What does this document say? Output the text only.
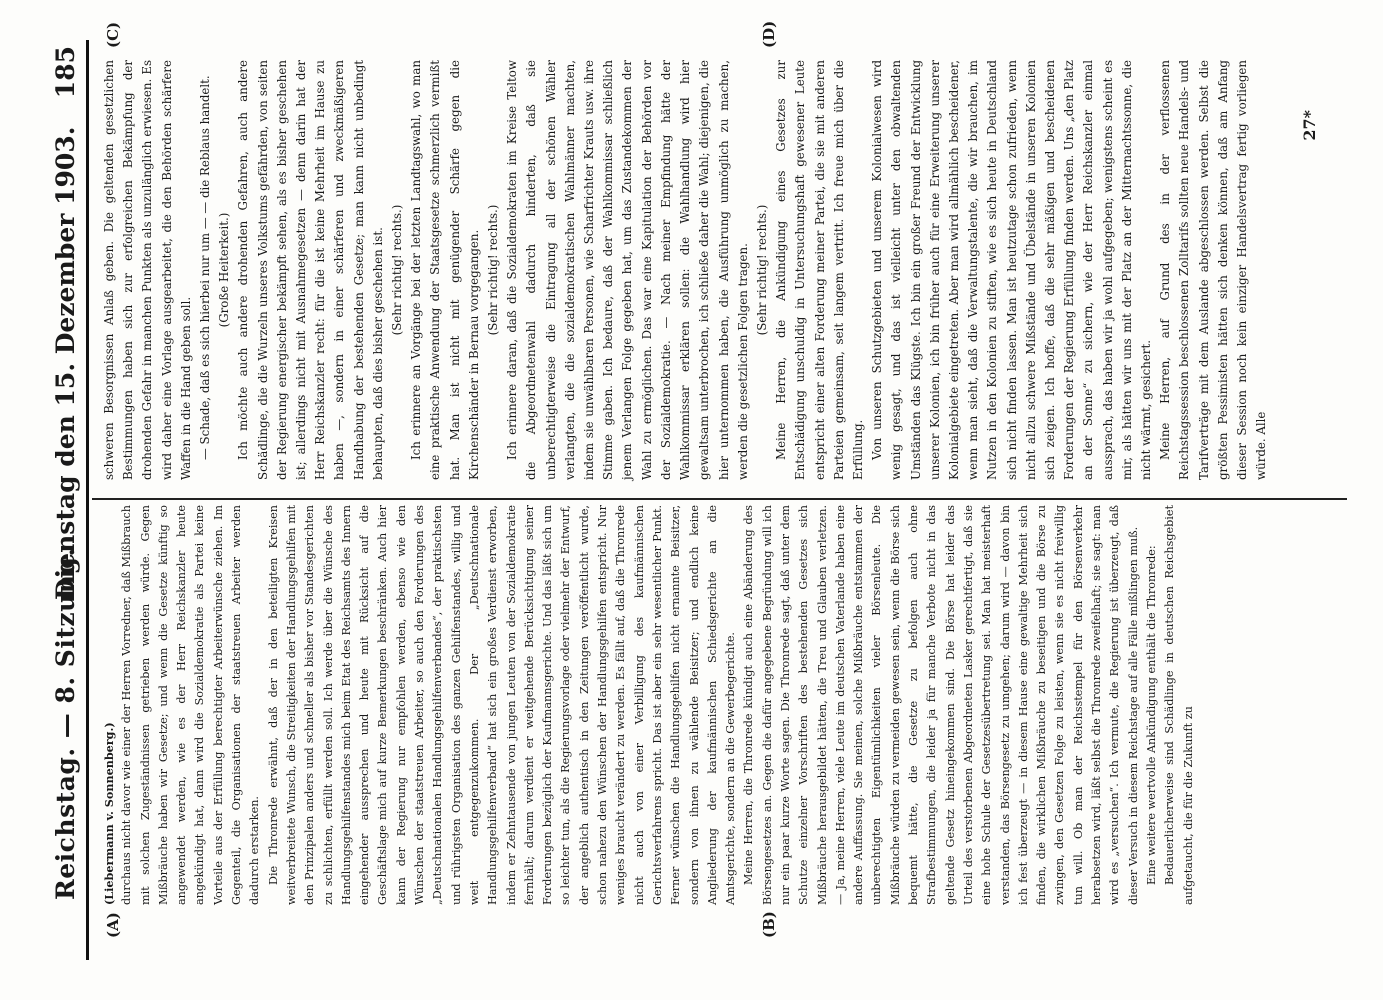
Reichstag. — 8. Sitzung.
Dienstag den 15. Dezember 1903.
185
(A)	(B)
(C)	(D)

(Liebermann v. Sonnenberg.) durchaus nicht davor wie einer der Herren Vorredner, daß Mißbrauch mit solchen Zugeständnissen getrieben werden würde. Gegen Mißbräuche haben wir Gesetze; und wenn die Gesetze künftig so angewendet werden, wie es der Herr Reichskanzler heute angekündigt hat, dann wird die Sozialdemokratie als Partei keine Vorteile aus der Erfüllung berechtigter Arbeiterwünsche ziehen. Im Gegenteil, die Organisationen der staatstreuen Arbeiter werden dadurch erstarken. Die Thronrede erwähnt, daß der in den beteiligten Kreisen weitverbreitete Wunsch, die Streitigkeiten der Handlungsgehilfen mit den Prinzipalen anders und schneller als bisher vor Standesgerichten zu schlichten, erfüllt werden soll. Ich werde über die Wünsche des Handlungsgehilfenstandes mich beim Etat des Reichsamts des Innern eingehender aussprechen und heute mit Rücksicht auf die Geschäftslage mich auf kurze Bemerkungen beschränken. Auch hier kann der Regierung nur empfohlen werden, ebenso wie den Wünschen der staatstreuen Arbeiter, so auch den Forderungen des „Deutschnationalen Handlungsgehilfenverbandes“, der praktischsten und rührigsten Organisation des ganzen Gehilfenstandes, willig und weit entgegenzukommen. Der „Deutschnationale Handlungsgehilfenverband“ hat sich ein großes Verdienst erworben, indem er Zehntausende von jungen Leuten von der Sozialdemokratie fernhält; darum verdient er weitgehende Berücksichtigung seiner Forderungen bezüglich der Kaufmannsgerichte. Und das läßt sich um so leichter tun, als die Regierungsvorlage oder vielmehr der Entwurf, der angeblich authentisch in den Zeitungen veröffentlicht wurde, schon nahezu den Wünschen der Handlungsgehilfen entspricht. Nur weniges braucht verändert zu werden. Es fällt auf, daß die Thronrede nicht auch von einer Verbilligung des kaufmännischen Gerichtsverfahrens spricht. Das ist aber ein sehr wesentlicher Punkt. Ferner wünschen die Handlungsgehilfen nicht ernannte Beisitzer, sondern von ihnen zu wählende Beisitzer; und endlich keine Angliederung der kaufmännischen Schiedsgerichte an die Amtsgerichte, sondern an die Gewerbegerichte. Meine Herren, die Thronrede kündigt auch eine Abänderung des Börsengesetzes an. Gegen die dafür angegebene Begründung will ich nur ein paar kurze Worte sagen. Die Thronrede sagt, daß unter dem Schutze einzelner Vorschriften des bestehenden Gesetzes sich Mißbräuche herausgebildet hätten, die Treu und Glauben verletzen. — Ja, meine Herren, viele Leute im deutschen Vaterlande haben eine andere Auffassung. Sie meinen, solche Mißbräuche entstammen der unberechtigten Eigentümlichkeiten vieler Börsenleute. Die Mißbräuche würden zu vermeiden gewesen sein, wenn die Börse sich bequemt hätte, die Gesetze zu befolgen auch ohne Strafbestimmungen, die leider ja für manche Verbote nicht in das geltende Gesetz hineingekommen sind. Die Börse hat leider das Urteil des verstorbenen Abgeordneten Lasker gerechtfertigt, daß sie eine hohe Schule der Gesetzesübertretung sei. Man hat meisterhaft verstanden, das Börsengesetz zu umgehen; darum wird — davon bin ich fest überzeugt — in diesem Hause eine gewaltige Mehrheit sich finden, die wirklichen Mißbräuche zu beseitigen und die Börse zu zwingen, den Gesetzen Folge zu leisten, wenn sie es nicht freiwillig tun will. Ob man der Reichsstempel für den Börsenverkehr herabsetzen wird, läßt selbst die Thronrede zweifelhaft; sie sagt: man wird es „versuchen“. Ich vermute, die Regierung ist überzeugt, daß dieser Versuch in diesem Reichstage auf alle Fälle mißlingen muß. Eine weitere wertvolle Ankündigung enthält die Thronrede: Bedauerlicherweise sind Schädlinge in deutschen Reichsgebiet aufgetaucht, die für die Zukunft zu

schweren Besorgnissen Anlaß geben. Die geltenden gesetzlichen Bestimmungen haben sich zur erfolgreichen Bekämpfung der drohenden Gefahr in manchen Punkten als unzulänglich erwiesen. Es wird daher eine Vorlage ausgearbeitet, die den Behörden schärfere Waffen in die Hand geben soll. — Schade, daß es sich hierbei nur um — — die Reblaus handelt. (Große Heiterkeit.) Ich möchte auch andere drohenden Gefahren, auch andere Schädlinge, die die Wurzeln unseres Volkstums gefährden, von seiten der Regierung energischer bekämpft sehen, als es bisher geschehen ist; allerdings nicht mit Ausnahmegesetzen — denn darin hat der Herr Reichskanzler recht: für die ist keine Mehrheit im Hause zu haben —, sondern in einer schärferen und zweckmäßigeren Handhabung der bestehenden Gesetze; man kann nicht unbedingt behaupten, daß dies bisher geschehen ist. (Sehr richtig! rechts.) Ich erinnere an Vorgänge bei der letzten Landtagswahl, wo man eine praktische Anwendung der Staatsgesetze schmerzlich vermißt hat. Man ist nicht mit genügender Schärfe gegen die Kirchenschänder in Bernau vorgegangen. (Sehr richtig! rechts.) Ich erinnere daran, daß die Sozialdemokraten im Kreise Teltow die Abgeordnetenwahl dadurch hinderten, daß sie unberechtigterweise die Eintragung all der schönen Wähler verlangten, die die sozialdemokratischen Wahlmänner machten, indem sie unwählbaren Personen, wie Scharfrichter Krauts usw. ihre Stimme gaben. Ich bedaure, daß der Wahlkommissar schließlich jenem Verlangen Folge gegeben hat, um das Zustandekommen der Wahl zu ermöglichen. Das war eine Kapitulation der Behörden vor der Sozialdemokratie. — Nach meiner Empfindung hätte der Wahlkommissar erklären sollen: die Wahlhandlung wird hier gewaltsam unterbrochen, ich schließe daher die Wahl; diejenigen, die hier unternommen haben, die Ausführung unmöglich zu machen, werden die gesetzlichen Folgen tragen. (Sehr richtig! rechts.) Meine Herren, die Ankündigung eines Gesetzes zur Entschädigung unschuldig in Untersuchungshaft gewesener Leute entspricht einer alten Forderung meiner Partei, die sie mit anderen Parteien gemeinsam, seit langem vertritt. Ich freue mich über die Erfüllung. Von unseren Schutzgebieten und unserem Kolonialwesen wird wenig gesagt, und das ist vielleicht unter den obwaltenden Umständen das Klügste. Ich bin ein großer Freund der Entwicklung unserer Kolonien, ich bin früher auch für eine Erweiterung unserer Kolonialgebiete eingetreten. Aber man wird allmählich bescheidener, wenn man sieht, daß die Verwaltungstalente, die wir brauchen, im Nutzen in den Kolonien zu stiften, wie es sich heute in Deutschland sich nicht finden lassen. Man ist heutzutage schon zufrieden, wenn nicht allzu schwere Mißstände und Übelstände in unseren Kolonien sich zeigen. Ich hoffe, daß die sehr mäßigen und bescheidenen Forderungen der Regierung Erfüllung finden werden. Uns „den Platz an der Sonne“ zu sichern, wie der Herr Reichskanzler einmal aussprach, das haben wir ja wohl aufgegeben; wenigstens scheint es mir, als hätten wir uns mit der Platz an der Mitternachtssonne, die nicht wärmt, gesichert. Meine Herren, auf Grund des in der verflossenen Reichstagssession beschlossenen Zolltarifs sollten neue Handels- und Tarifverträge mit dem Auslande abgeschlossen werden. Selbst die größten Pessimisten hätten sich denken können, daß am Anfang dieser Session noch kein einziger Handelsvertrag fertig vorliegen würde. Alle

27*
